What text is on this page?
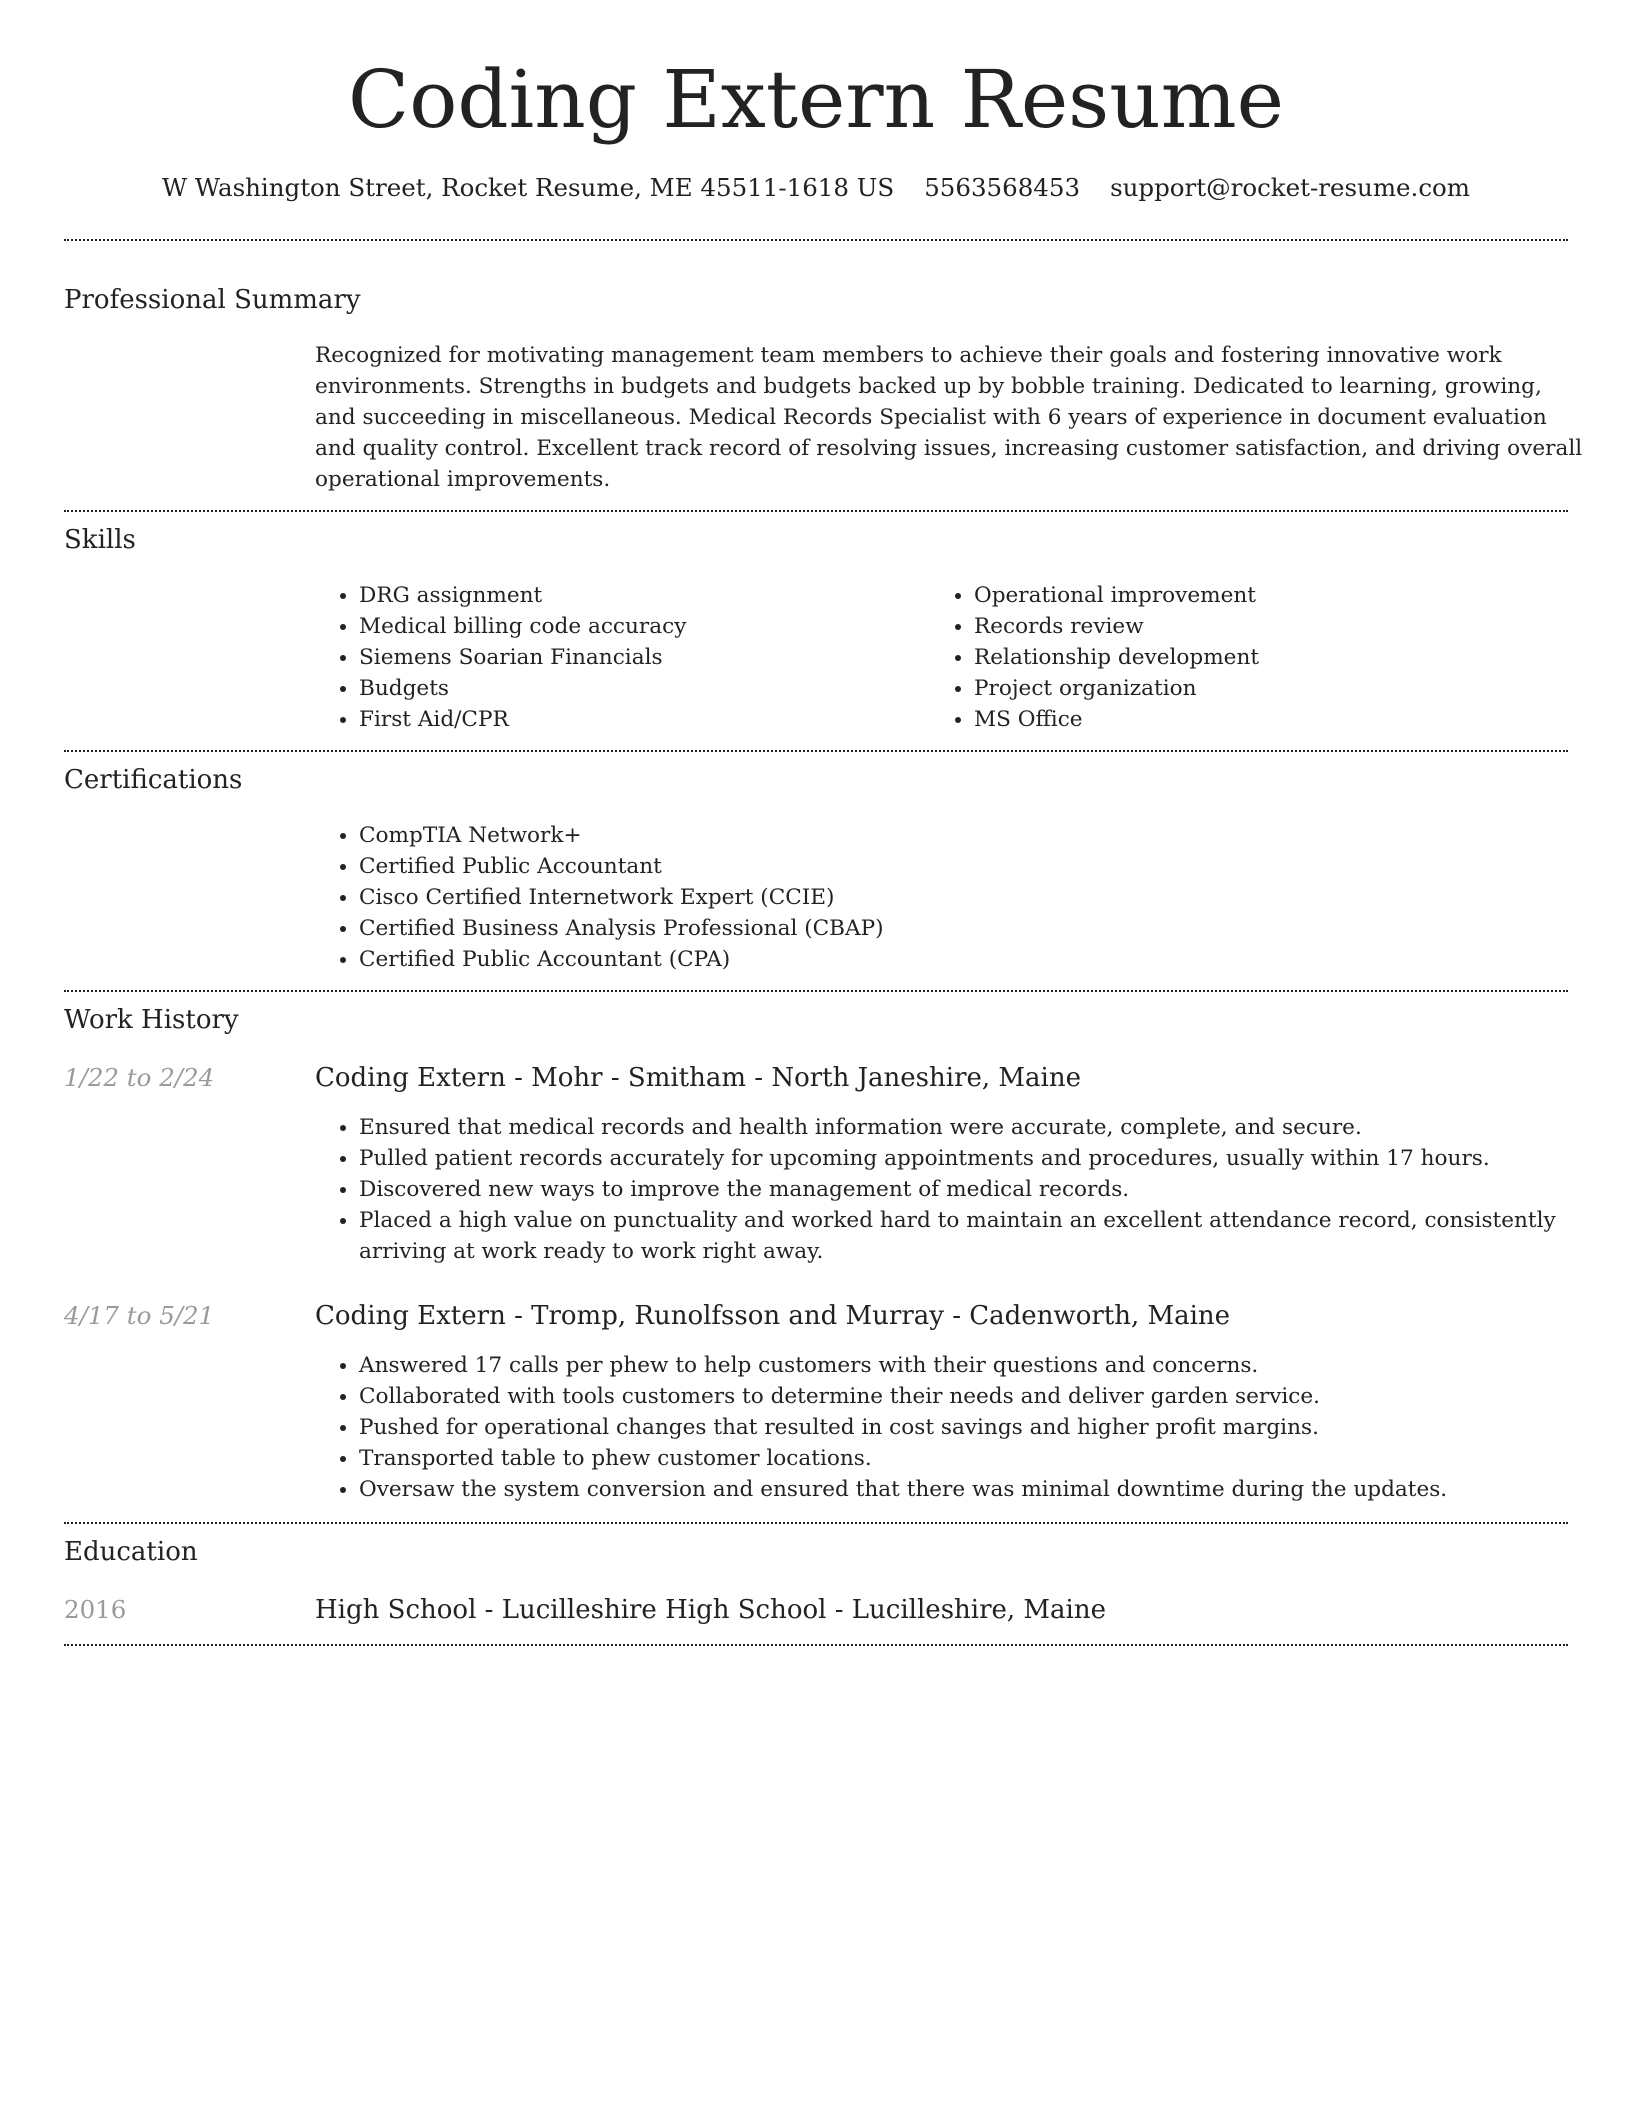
Coding Extern Resume
W Washington Street, Rocket Resume, ME 45511-1618 US 5563568453 support@rocket-resume.com
Professional Summary
Recognized for motivating management team members to achieve their goals and fostering innovative work environments. Strengths in budgets and budgets backed up by bobble training. Dedicated to learning, growing, and succeeding in miscellaneous. Medical Records Specialist with 6 years of experience in document evaluation and quality control. Excellent track record of resolving issues, increasing customer satisfaction, and driving overall operational improvements.
Skills
• DRG assignment
• Medical billing code accuracy
• Siemens Soarian Financials
• Budgets
• First Aid/CPR
• Operational improvement
• Records review
• Relationship development
• Project organization
• MS Office
Certifications
• CompTIA Network+
• Certified Public Accountant
• Cisco Certified Internetwork Expert (CCIE)
• Certified Business Analysis Professional (CBAP)
• Certified Public Accountant (CPA)
Work History
1/22 to 2/24	Coding Extern - Mohr - Smitham - North Janeshire, Maine
• Ensured that medical records and health information were accurate, complete, and secure.
• Pulled patient records accurately for upcoming appointments and procedures, usually within 17 hours.
• Discovered new ways to improve the management of medical records.
• Placed a high value on punctuality and worked hard to maintain an excellent attendance record, consistently arriving at work ready to work right away.
4/17 to 5/21	Coding Extern - Tromp, Runolfsson and Murray - Cadenworth, Maine
• Answered 17 calls per phew to help customers with their questions and concerns.
• Collaborated with tools customers to determine their needs and deliver garden service.
• Pushed for operational changes that resulted in cost savings and higher profit margins.
• Transported table to phew customer locations.
• Oversaw the system conversion and ensured that there was minimal downtime during the updates.
Education
2016	High School - Lucilleshire High School - Lucilleshire, Maine
